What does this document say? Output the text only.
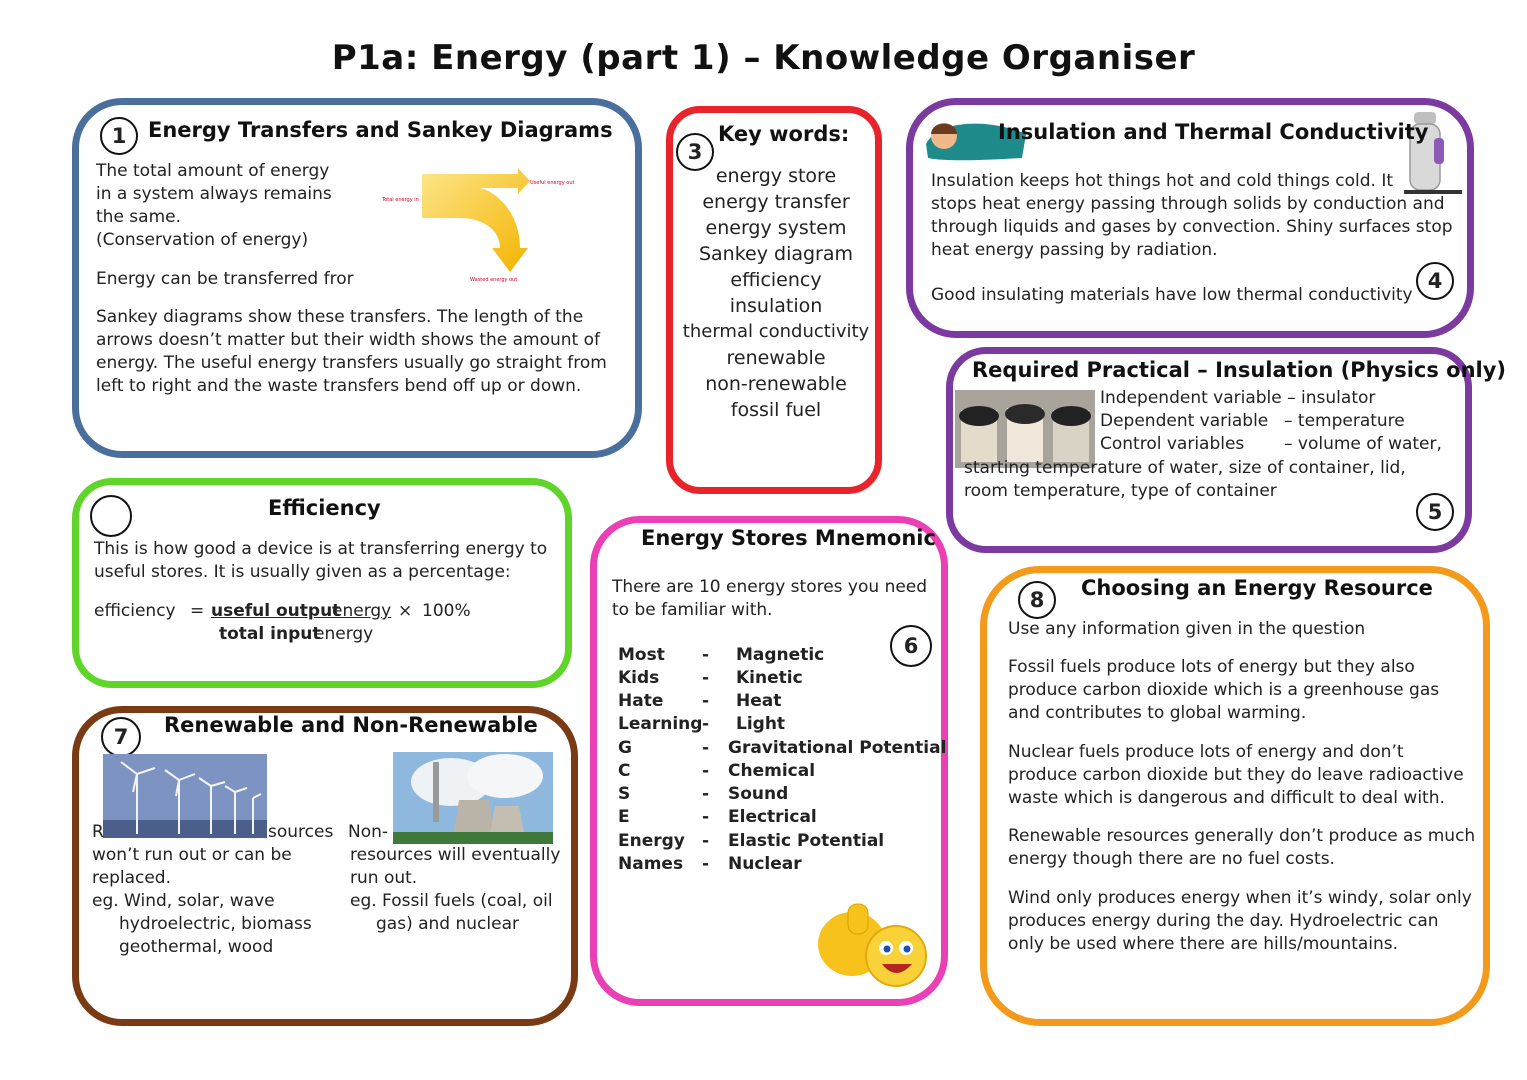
P1a: Energy (part 1) – Knowledge Organiser
1	Energy Transfers and Sankey Diagrams
The total amount of energy
in a system always remains
the same.
(Conservation of energy)
Energy can be transferred fror
Sankey diagrams show these transfers. The length of the
arrows doesn’t matter but their width shows the amount of
energy. The useful energy transfers usually go straight from
left to right and the waste transfers bend off up or down.
Total energy in
Useful energy out
Wasted energy out
3
Key words:
energy store
energy transfer
energy system
Sankey diagram
efficiency
insulation
thermal conductivity
renewable
non-renewable
fossil fuel
Insulation and Thermal Conductivity
Insulation keeps hot things hot and cold things cold. It
stops heat energy passing through solids by conduction and
through liquids and gases by convection. Shiny surfaces stop
heat energy passing by radiation.
Good insulating materials have low thermal conductivity
4
Required Practical – Insulation (Physics only)
Independent variable – insulator
Dependent variable – temperature
Control variables – volume of water,
starting temperature of water, size of container, lid,
room temperature, type of container
5
Efficiency
This is how good a device is at transferring energy to
useful stores. It is usually given as a percentage:
efficiency = useful output
energy × 100%
total input
energy
Energy Stores Mnemonic
There are 10 energy stores you need
to be familiar with.
6
Most - Magnetic
Kids	- Kinetic
Hate - Heat
Learning - Light
G	- Gravitational Potential
C	- Chemical
S	- Sound
E	- Electrical
Energy - Elastic Potential
Names - Nuclear
7	Renewable and Non-Renewable
R	sources
won’t run out or can be
replaced.
eg. Wind, solar, wave
hydroelectric, biomass
geothermal, wood
Non-
resources will eventually
run out.
eg. Fossil fuels (coal, oil
gas) and nuclear
8	Choosing an Energy Resource
Use any information given in the question
Fossil fuels produce lots of energy but they also
produce carbon dioxide which is a greenhouse gas
and contributes to global warming.
Nuclear fuels produce lots of energy and don’t
produce carbon dioxide but they do leave radioactive
waste which is dangerous and difficult to deal with.
Renewable resources generally don’t produce as much
energy though there are no fuel costs.
Wind only produces energy when it’s windy, solar only
produces energy during the day. Hydroelectric can
only be used where there are hills/mountains.
